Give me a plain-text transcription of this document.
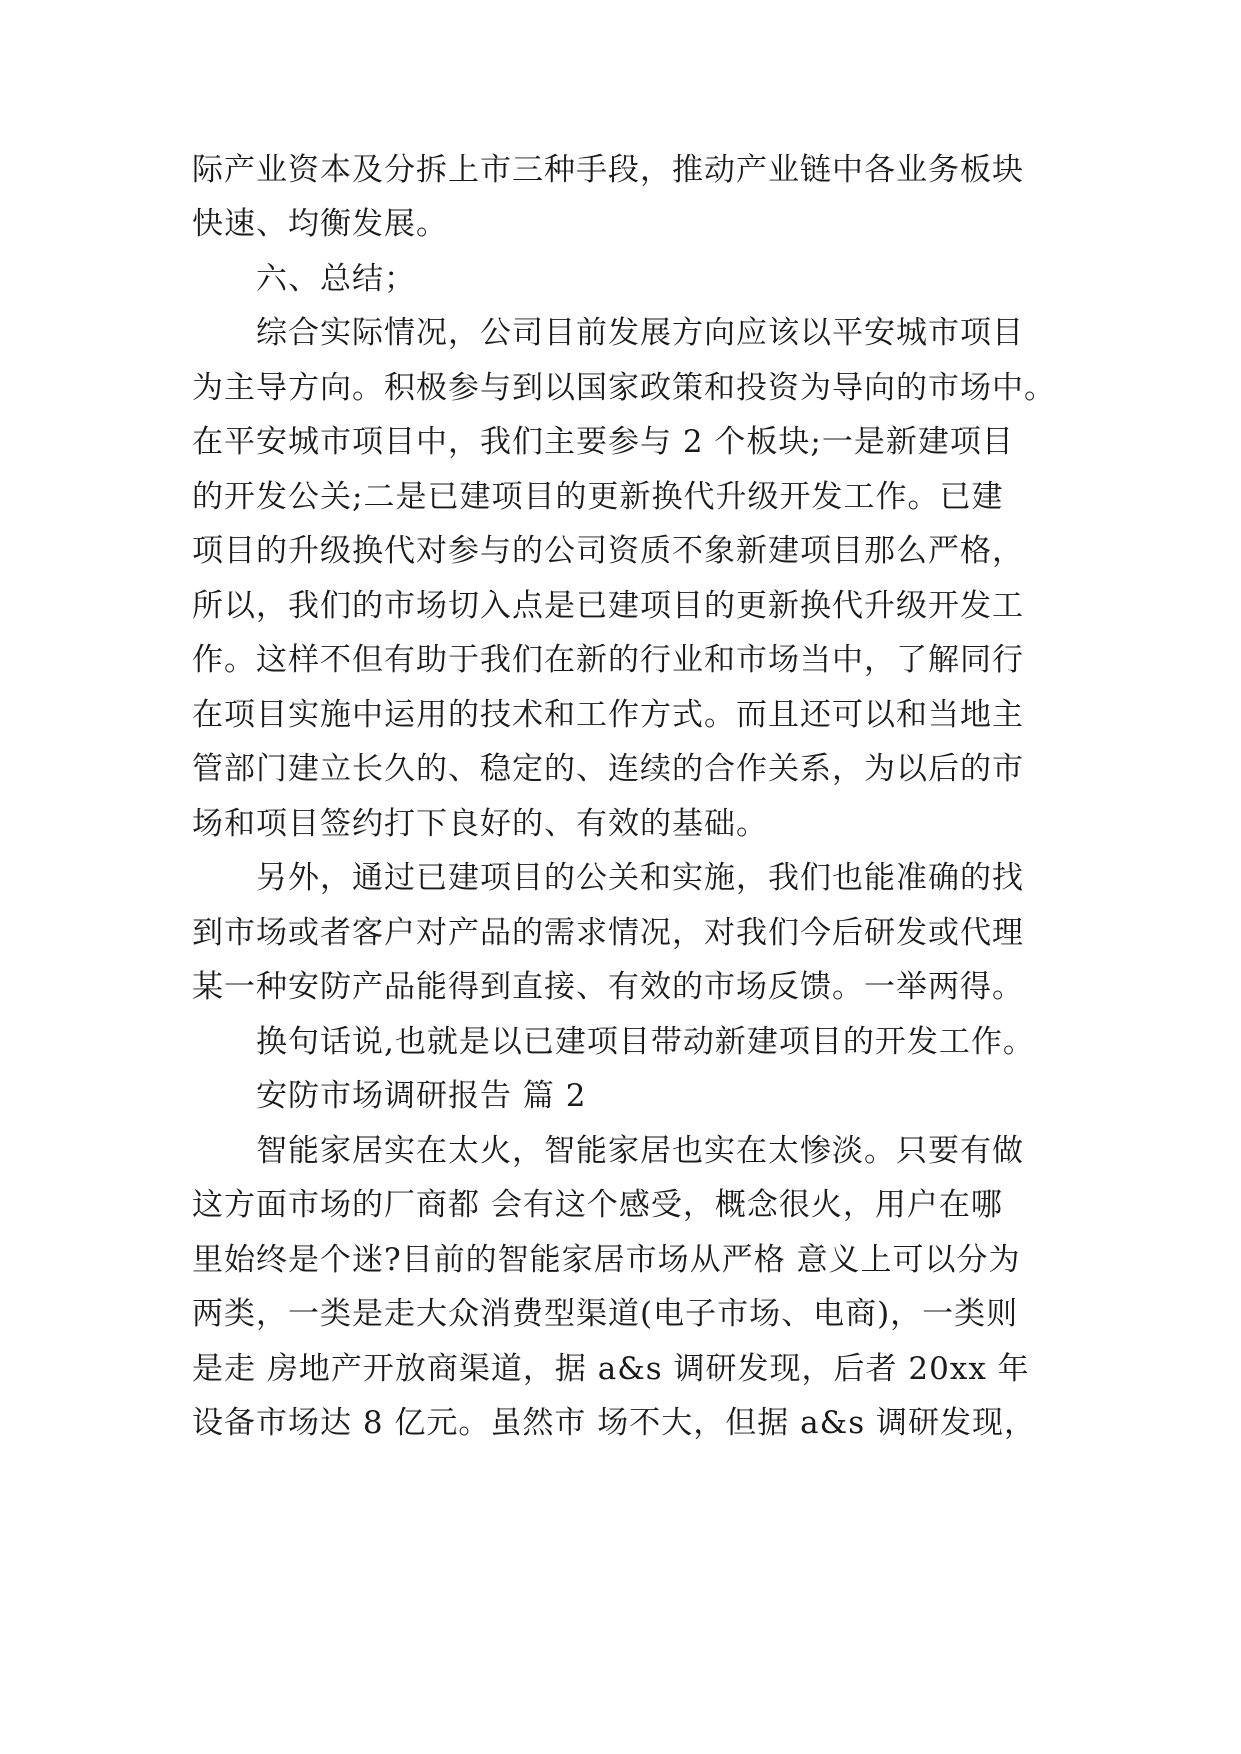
际产业资本及分拆上市三种手段，推动产业链中各业务板块
快速、均衡发展。
六、总结；
综合实际情况，公司目前发展方向应该以平安城市项目
为主导方向。积极参与到以国家政策和投资为导向的市场中。
在平安城市项目中，我们主要参与 2 个板块;一是新建项目
的开发公关;二是已建项目的更新换代升级开发工作。已建
项目的升级换代对参与的公司资质不象新建项目那么严格，
所以，我们的市场切入点是已建项目的更新换代升级开发工
作。这样不但有助于我们在新的行业和市场当中，了解同行
在项目实施中运用的技术和工作方式。而且还可以和当地主
管部门建立长久的、稳定的、连续的合作关系，为以后的市
场和项目签约打下良好的、有效的基础。
另外，通过已建项目的公关和实施，我们也能准确的找
到市场或者客户对产品的需求情况，对我们今后研发或代理
某一种安防产品能得到直接、有效的市场反馈。一举两得。
换句话说,也就是以已建项目带动新建项目的开发工作。
安防市场调研报告 篇 2
智能家居实在太火，智能家居也实在太惨淡。只要有做
这方面市场的厂商都 会有这个感受，概念很火，用户在哪
里始终是个迷?目前的智能家居市场从严格 意义上可以分为
两类，一类是走大众消费型渠道(电子市场、电商)，一类则
是走 房地产开放商渠道，据 a&s 调研发现，后者 20xx 年
设备市场达 8 亿元。虽然市 场不大，但据 a&s 调研发现，
